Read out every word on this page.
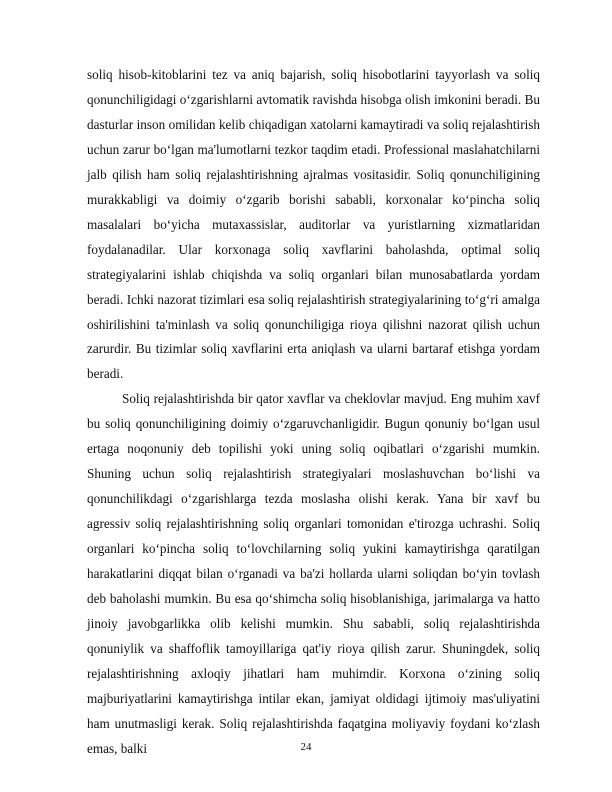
soliq hisob-kitoblarini tez va aniq bajarish, soliq hisobotlarini tayyorlash va soliq qonunchiligidagi o‘zgarishlarni avtomatik ravishda hisobga olish imkonini beradi. Bu dasturlar inson omilidan kelib chiqadigan xatolarni kamaytiradi va soliq rejalashtirish uchun zarur bo‘lgan ma'lumotlarni tezkor taqdim etadi. Professional maslahatchilarni jalb qilish ham soliq rejalashtirishning ajralmas vositasidir. Soliq qonunchiligining murakkabligi va doimiy o‘zgarib borishi sababli, korxonalar ko‘pincha soliq masalalari bo‘yicha mutaxassislar, auditorlar va yuristlarning xizmatlaridan foydalanadilar. Ular korxonaga soliq xavflarini baholashda, optimal soliq strategiyalarini ishlab chiqishda va soliq organlari bilan munosabatlarda yordam beradi. Ichki nazorat tizimlari esa soliq rejalashtirish strategiyalarining to‘g‘ri amalga oshirilishini ta'minlash va soliq qonunchiligiga rioya qilishni nazorat qilish uchun zarurdir. Bu tizimlar soliq xavflarini erta aniqlash va ularni bartaraf etishga yordam beradi.

Soliq rejalashtirishda bir qator xavflar va cheklovlar mavjud. Eng muhim xavf bu soliq qonunchiligining doimiy o‘zgaruvchanligidir. Bugun qonuniy bo‘lgan usul ertaga noqonuniy deb topilishi yoki uning soliq oqibatlari o‘zgarishi mumkin. Shuning uchun soliq rejalashtirish strategiyalari moslashuvchan bo‘lishi va qonunchilikdagi o‘zgarishlarga tezda moslasha olishi kerak. Yana bir xavf bu agressiv soliq rejalashtirishning soliq organlari tomonidan e'tirozga uchrashi. Soliq organlari ko‘pincha soliq to‘lovchilarning soliq yukini kamaytirishga qaratilgan harakatlarini diqqat bilan o‘rganadi va ba'zi hollarda ularni soliqdan bo‘yin tovlash deb baholashi mumkin. Bu esa qo‘shimcha soliq hisoblanishiga, jarimalarga va hatto jinoiy javobgarlikka olib kelishi mumkin. Shu sababli, soliq rejalashtirishda qonuniylik va shaffoflik tamoyillariga qat'iy rioya qilish zarur. Shuningdek, soliq rejalashtirishning axloqiy jihatlari ham muhimdir. Korxona o‘zining soliq majburiyatlarini kamaytirishga intilar ekan, jamiyat oldidagi ijtimoiy mas'uliyatini ham unutmasligi kerak. Soliq rejalashtirishda faqatgina moliyaviy foydani ko‘zlash emas, balki	24
